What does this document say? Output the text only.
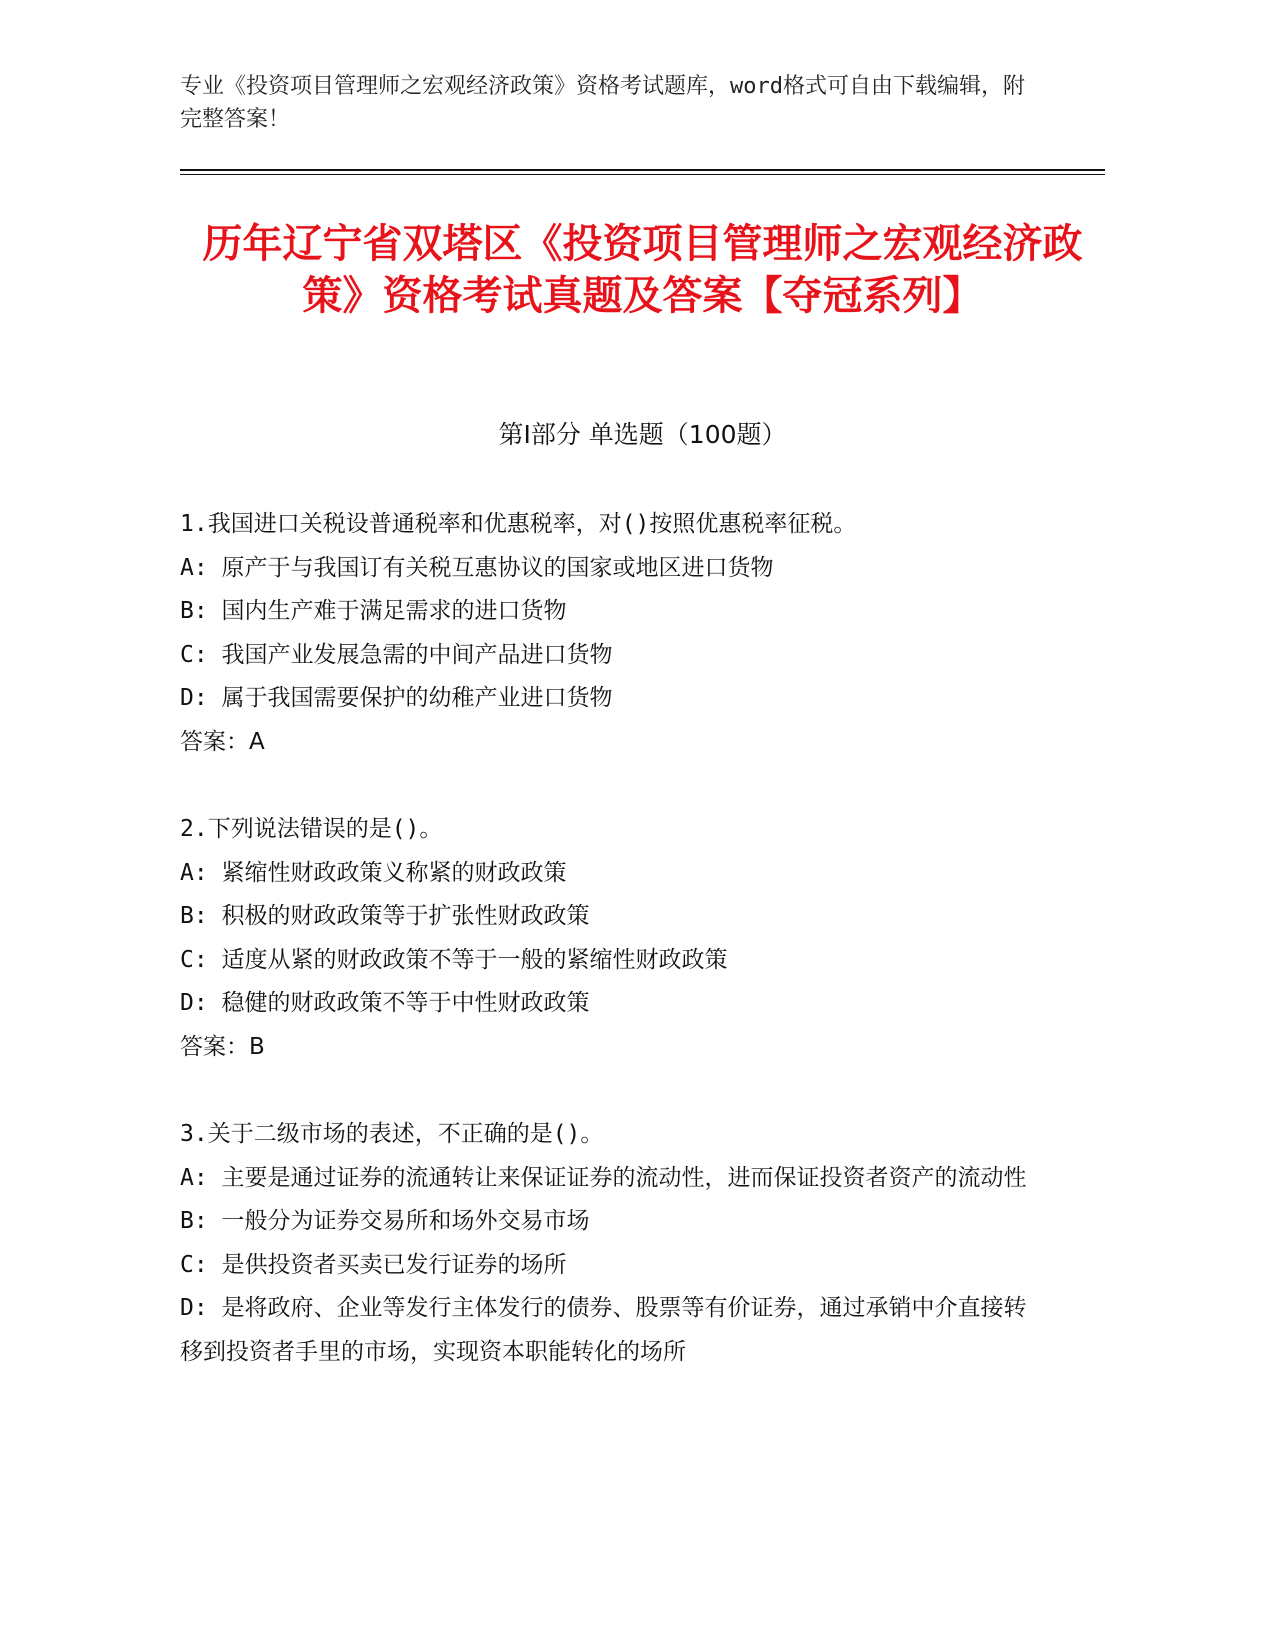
专业《投资项目管理师之宏观经济政策》资格考试题库，word格式可自由下载编辑，附完整答案！
历年辽宁省双塔区《投资项目管理师之宏观经济政策》资格考试真题及答案【夺冠系列】
第Ⅰ部分 单选题（100题）
1.我国进口关税设普通税率和优惠税率，对()按照优惠税率征税。
A: 原产于与我国订有关税互惠协议的国家或地区进口货物
B: 国内生产难于满足需求的进口货物
C: 我国产业发展急需的中间产品进口货物
D: 属于我国需要保护的幼稚产业进口货物
答案：A
2.下列说法错误的是()。
A: 紧缩性财政政策义称紧的财政政策
B: 积极的财政政策等于扩张性财政政策
C: 适度从紧的财政政策不等于一般的紧缩性财政政策
D: 稳健的财政政策不等于中性财政政策
答案：B
3.关于二级市场的表述，不正确的是()。
A: 主要是通过证券的流通转让来保证证券的流动性，进而保证投资者资产的流动性
B: 一般分为证券交易所和场外交易市场
C: 是供投资者买卖已发行证券的场所
D: 是将政府、企业等发行主体发行的债券、股票等有价证券，通过承销中介直接转移到投资者手里的市场，实现资本职能转化的场所
